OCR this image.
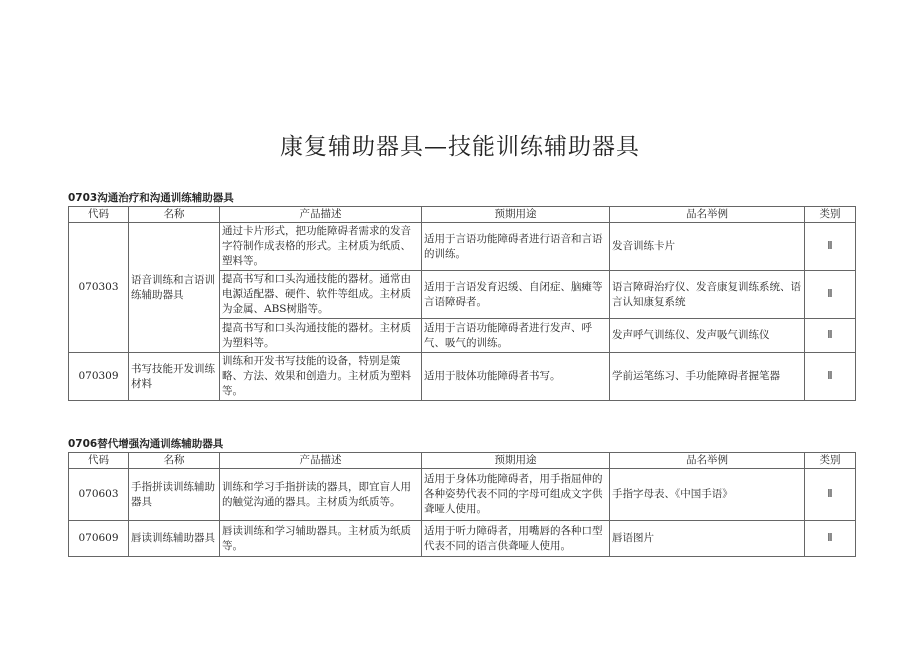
康复辅助器具—技能训练辅助器具
0703沟通治疗和沟通训练辅助器具
代码	名称	产品描述	预期用途	品名举例	类别
070303	语音训练和言语训练辅助器具	通过卡片形式，把功能障碍者需求的发音字符制作成表格的形式。主材质为纸质、塑料等。	适用于言语功能障碍者进行语音和言语的训练。	发音训练卡片	Ⅱ
		提高书写和口头沟通技能的器材。通常由电源适配器、硬件、软件等组成。主材质为金属、ABS树脂等。	适用于言语发育迟缓、自闭症、脑瘫等言语障碍者。	语言障碍治疗仪、发音康复训练系统、语言认知康复系统	Ⅱ
		提高书写和口头沟通技能的器材。主材质为塑料等。	适用于言语功能障碍者进行发声、呼气、吸气的训练。	发声呼气训练仪、发声吸气训练仪	Ⅱ
070309	书写技能开发训练材料	训练和开发书写技能的设备，特别是策略、方法、效果和创造力。主材质为塑料等。	适用于肢体功能障碍者书写。	学前运笔练习、手功能障碍者握笔器	Ⅱ
0706替代增强沟通训练辅助器具
代码	名称	产品描述	预期用途	品名举例	类别
070603	手指拼读训练辅助器具	训练和学习手指拼读的器具，即宜盲人用的触觉沟通的器具。主材质为纸质等。	适用于身体功能障碍者，用手指屈伸的各种姿势代表不同的字母可组成文字供聋哑人使用。	手指字母表、《中国手语》	Ⅱ
070609	唇读训练辅助器具	唇读训练和学习辅助器具。主材质为纸质等。	适用于听力障碍者，用嘴唇的各种口型代表不同的语言供聋哑人使用。	唇语图片	Ⅱ
